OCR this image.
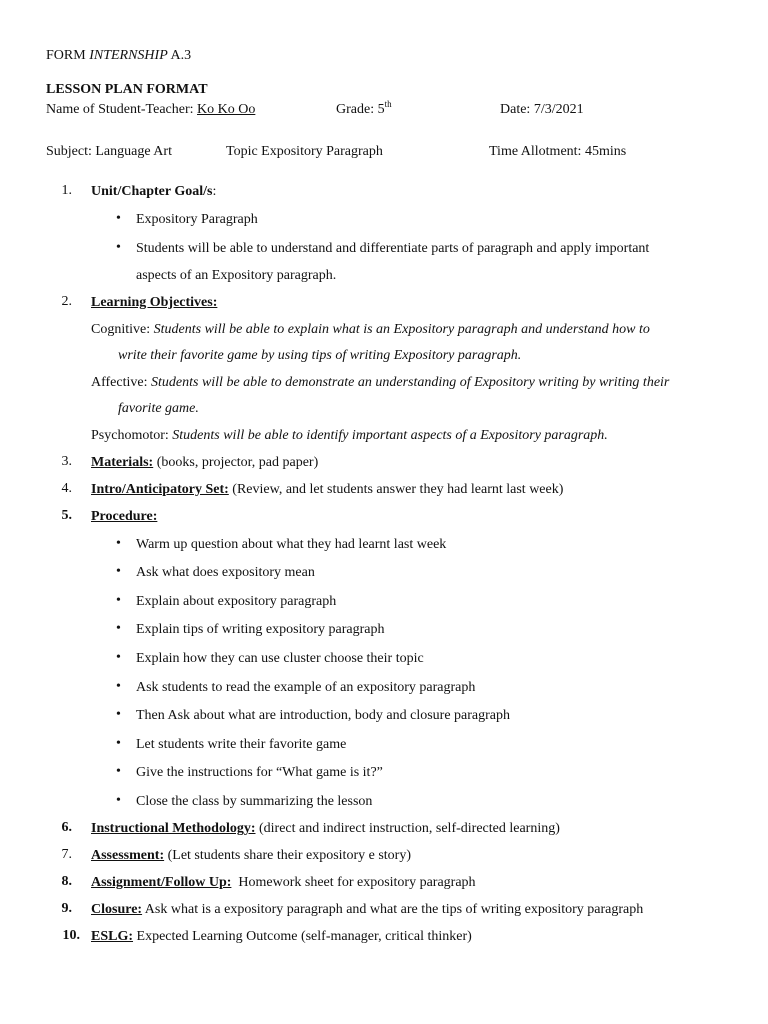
FORM INTERNSHIP A.3
LESSON PLAN FORMAT
Name of Student-Teacher: Ko Ko Oo	Grade: 5th	Date: 7/3/2021
Subject: Language Art	Topic Expository Paragraph	Time Allotment: 45mins
1. Unit/Chapter Goal/s:
• Expository Paragraph
• Students will be able to understand and differentiate parts of paragraph and apply important
aspects of an Expository paragraph.
2. Learning Objectives:
Cognitive: Students will be able to explain what is an Expository paragraph and understand how to
write their favorite game by using tips of writing Expository paragraph.
Affective: Students will be able to demonstrate an understanding of Expository writing by writing their
favorite game.
Psychomotor: Students will be able to identify important aspects of a Expository paragraph.
3. Materials: (books, projector, pad paper)
4. Intro/Anticipatory Set: (Review, and let students answer they had learnt last week)
5. Procedure:
• Warm up question about what they had learnt last week
• Ask what does expository mean
• Explain about expository paragraph
• Explain tips of writing expository paragraph
• Explain how they can use cluster choose their topic
• Ask students to read the example of an expository paragraph
• Then Ask about what are introduction, body and closure paragraph
• Let students write their favorite game
• Give the instructions for “What game is it?”
• Close the class by summarizing the lesson
6. Instructional Methodology: (direct and indirect instruction, self-directed learning)
7. Assessment: (Let students share their expository e story)
8. Assignment/Follow Up:  Homework sheet for expository paragraph
9. Closure: Ask what is a expository paragraph and what are the tips of writing expository paragraph
10. ESLG: Expected Learning Outcome (self-manager, critical thinker)
